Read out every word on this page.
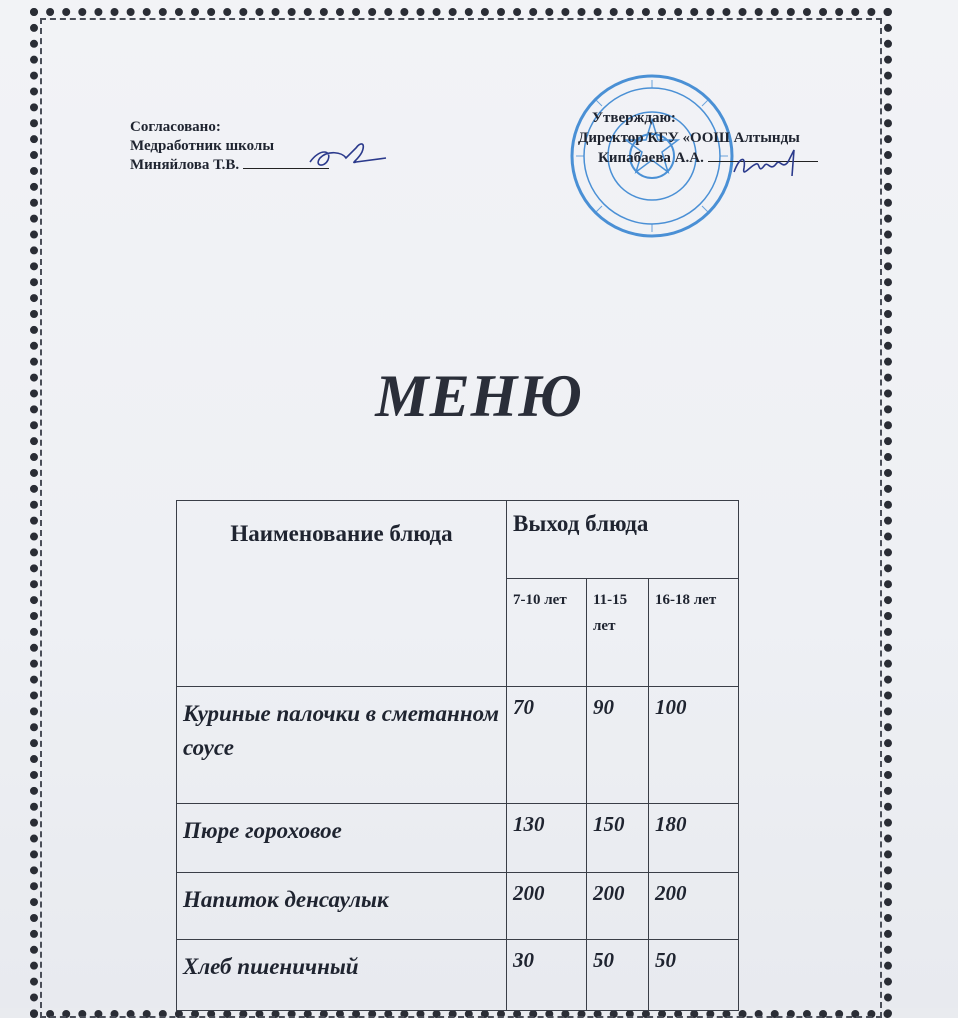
Согласовано:
Медработник школы
Миняйлова Т.В.
Утверждаю:
Директор КГУ «ООШ Алтынды
Кипабаева А.А.
МЕНЮ
Наименование блюда	Выход блюда		
	7-10 лет	11-15 лет	16-18 лет
Куриные палочки в сметанном соусе	70	90	100
Пюре гороховое	130	150	180
Напиток денсаулык	200	200	200
Хлеб пшеничный	30	50	50
